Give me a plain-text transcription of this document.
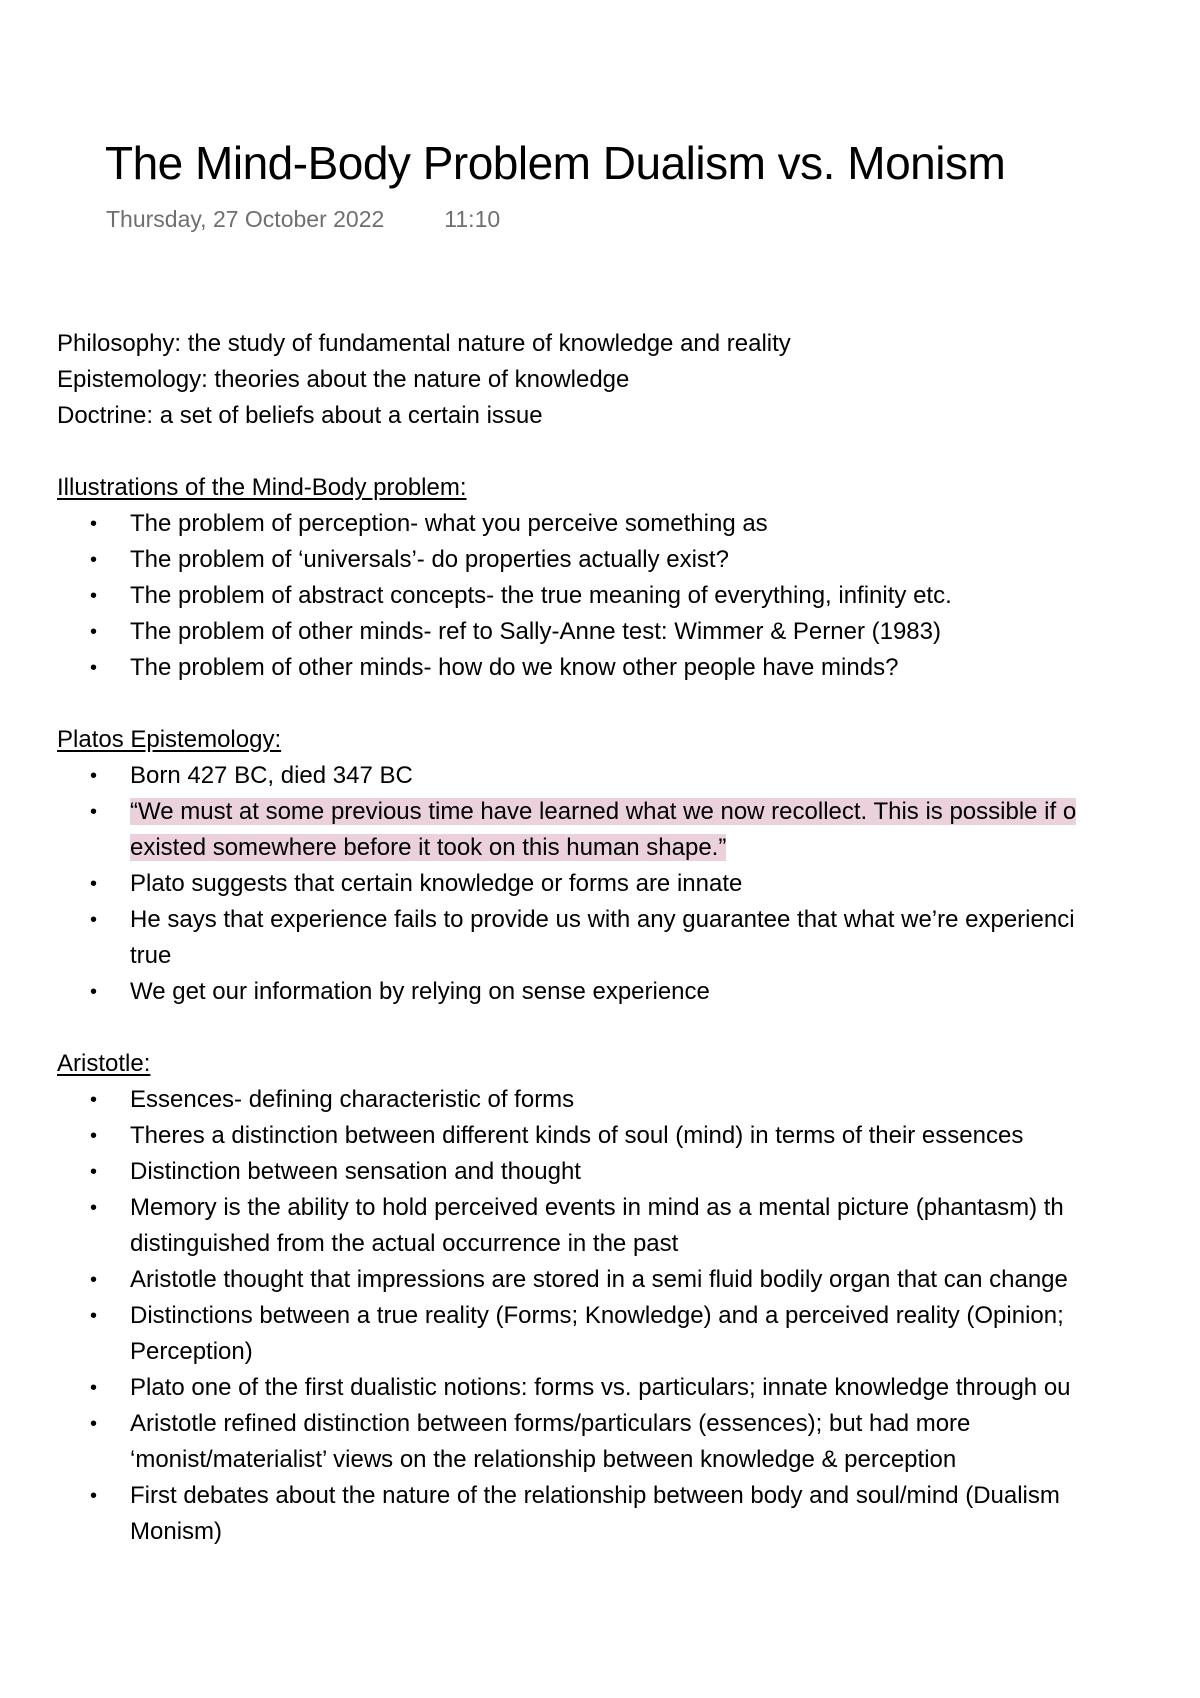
The Mind-Body Problem Dualism vs. Monism
Thursday, 27 October 2022	11:10
Philosophy: the study of fundamental nature of knowledge and reality
Epistemology: theories about the nature of knowledge
Doctrine: a set of beliefs about a certain issue
Illustrations of the Mind-Body problem:
• The problem of perception- what you perceive something as
• The problem of ‘universals’- do properties actually exist?
• The problem of abstract concepts- the true meaning of everything, infinity etc.
• The problem of other minds- ref to Sally-Anne test: Wimmer & Perner (1983)
• The problem of other minds- how do we know other people have minds?
Platos Epistemology:
• Born 427 BC, died 347 BC
• “We must at some previous time have learned what we now recollect. This is possible if o
existed somewhere before it took on this human shape.”
• Plato suggests that certain knowledge or forms are innate
• He says that experience fails to provide us with any guarantee that what we’re experienci
true
• We get our information by relying on sense experience
Aristotle:
• Essences- defining characteristic of forms
• Theres a distinction between different kinds of soul (mind) in terms of their essences
• Distinction between sensation and thought
• Memory is the ability to hold perceived events in mind as a mental picture (phantasm) th
distinguished from the actual occurrence in the past
• Aristotle thought that impressions are stored in a semi fluid bodily organ that can change
• Distinctions between a true reality (Forms; Knowledge) and a perceived reality (Opinion;
Perception)
• Plato one of the first dualistic notions: forms vs. particulars; innate knowledge through ou
• Aristotle refined distinction between forms/particulars (essences); but had more
‘monist/materialist’ views on the relationship between knowledge & perception
• First debates about the nature of the relationship between body and soul/mind (Dualism
Monism)
